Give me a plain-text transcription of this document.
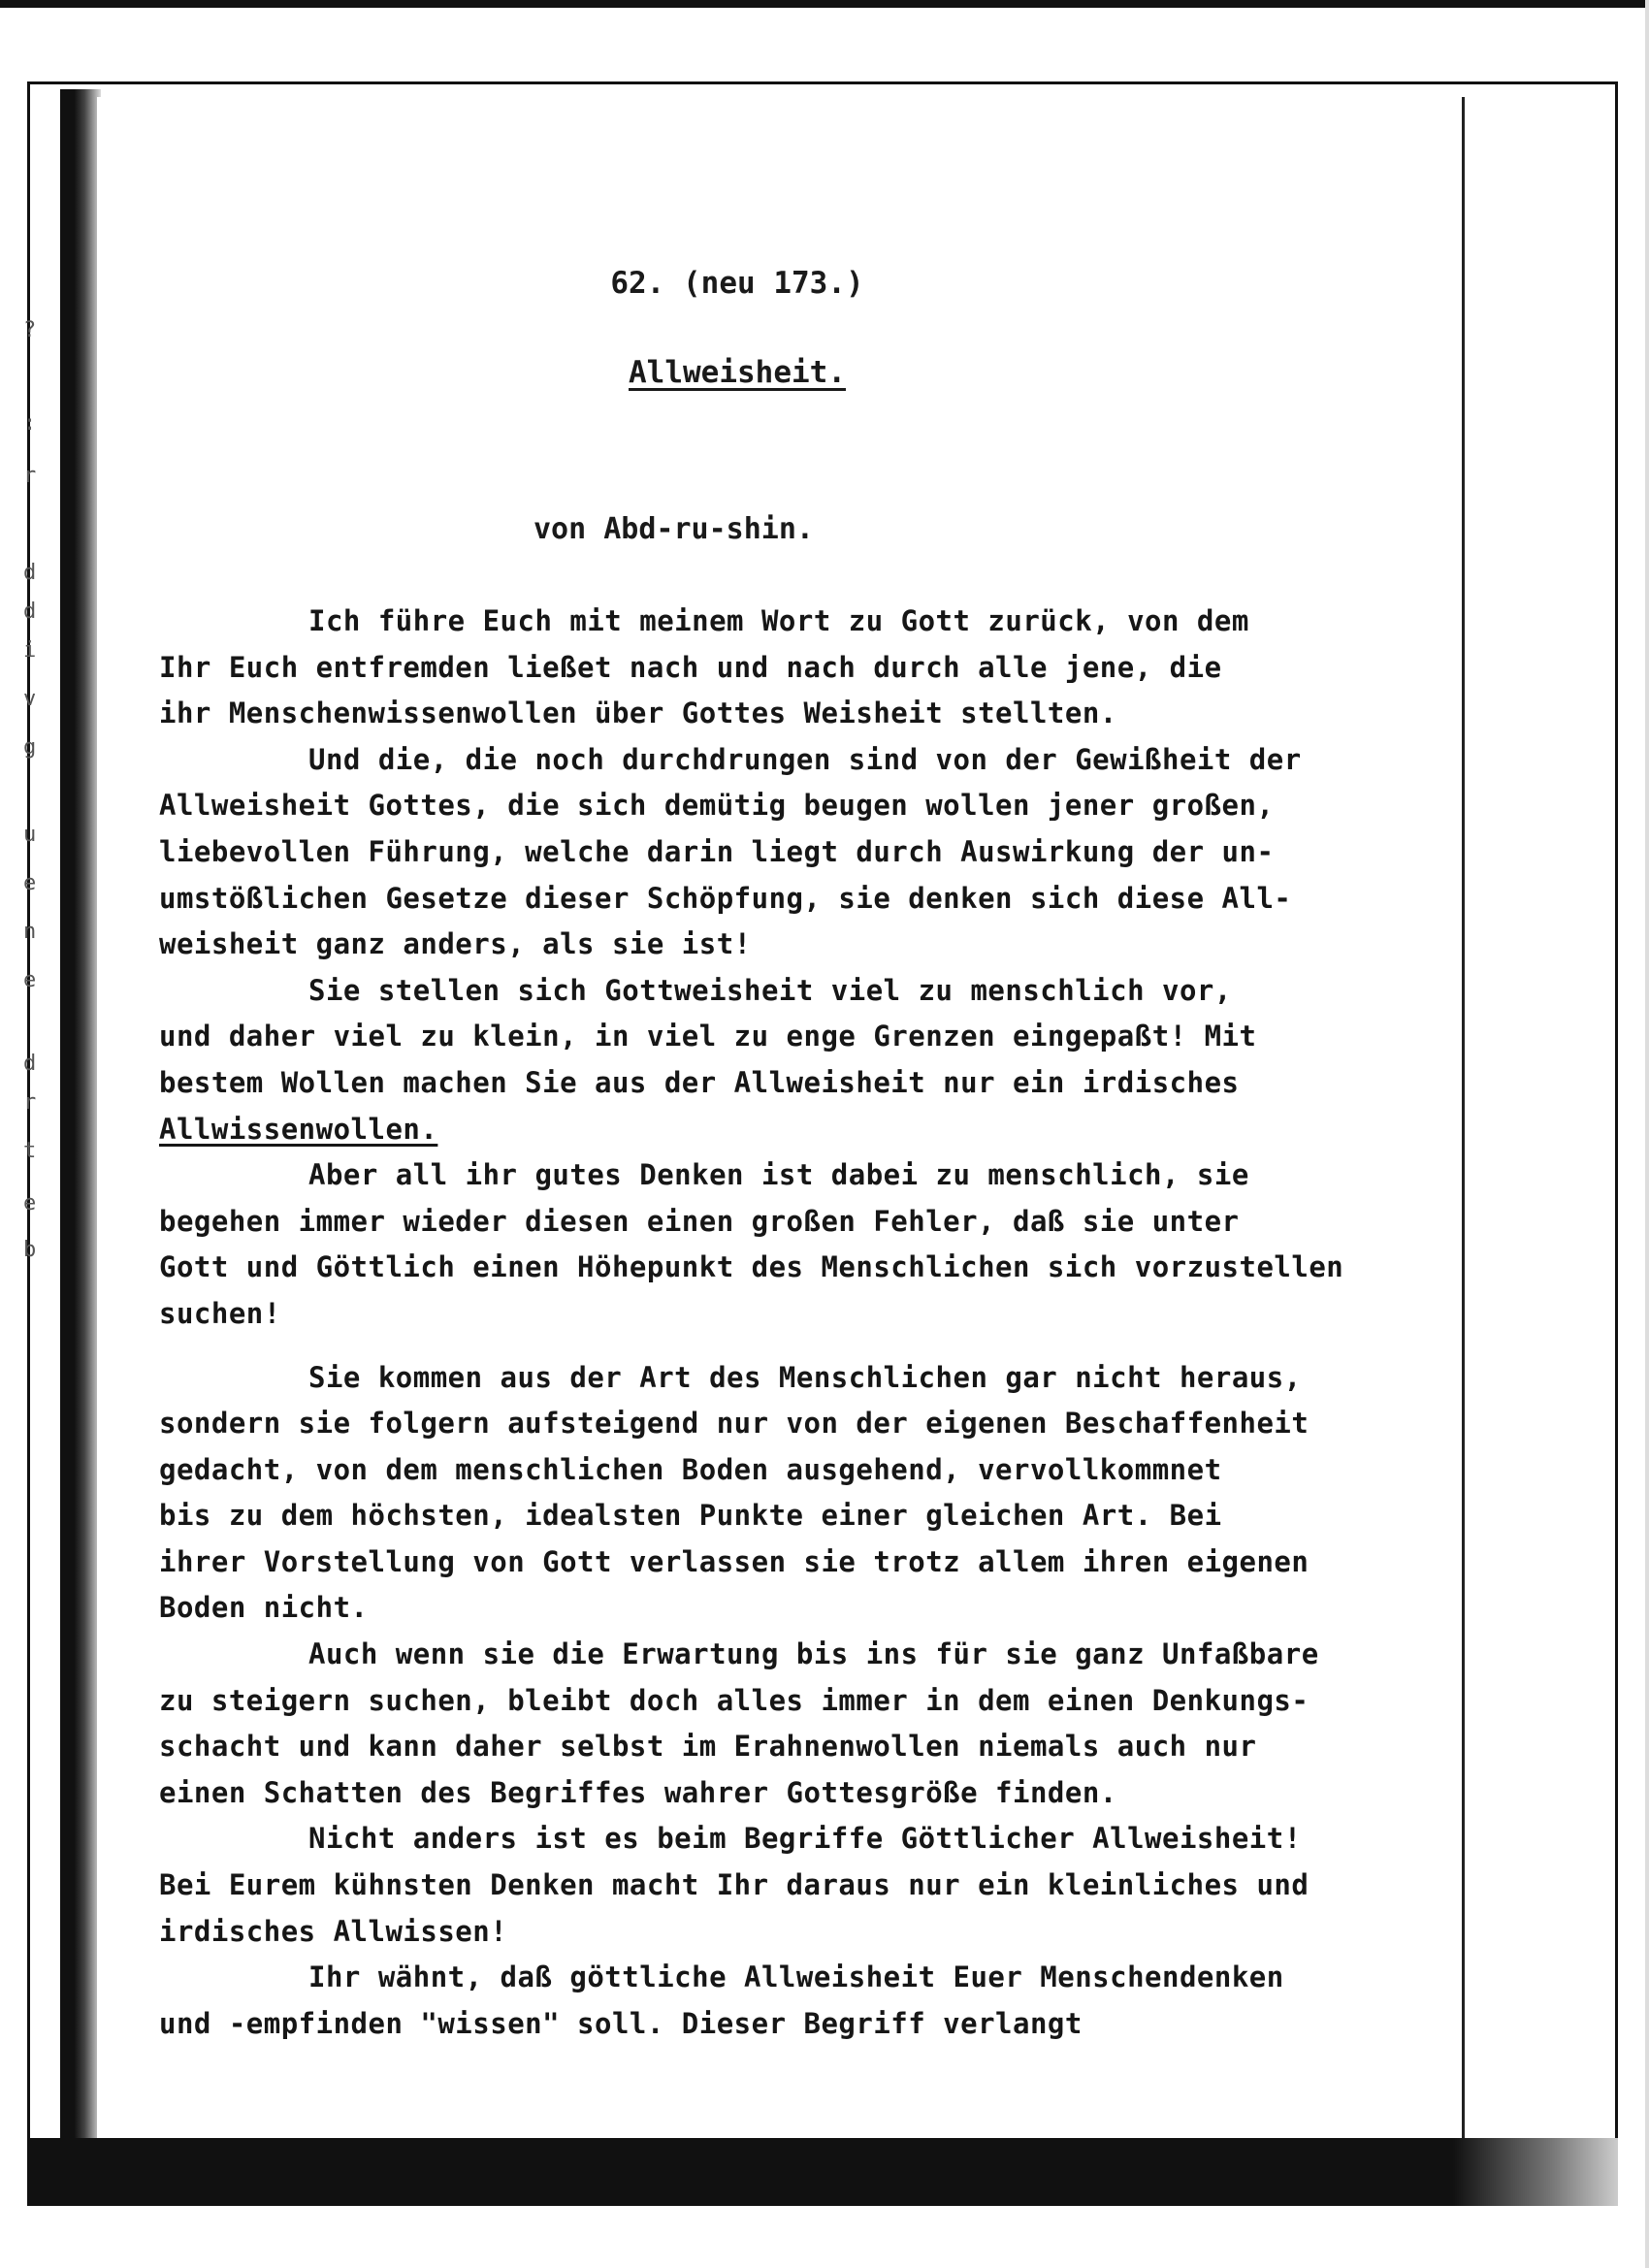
?
:
r
d
d
i
v
g
u
e
n
e
d
r
t
e
b
62. (neu 173.)
Allweisheit.
von Abd-ru-shin.
Ich führe Euch mit meinem Wort zu Gott zurück, von dem
Ihr Euch entfremden ließet nach und nach durch alle jene, die
ihr Menschenwissenwollen über Gottes Weisheit stellten.
Und die, die noch durchdrungen sind von der Gewißheit der
Allweisheit Gottes, die sich demütig beugen wollen jener großen,
liebevollen Führung, welche darin liegt durch Auswirkung der un-
umstößlichen Gesetze dieser Schöpfung, sie denken sich diese All-
weisheit ganz anders, als sie ist!
Sie stellen sich Gottweisheit viel zu menschlich vor,
und daher viel zu klein, in viel zu enge Grenzen eingepaßt! Mit
bestem Wollen machen Sie aus der Allweisheit nur ein irdisches
Allwissenwollen.
Aber all ihr gutes Denken ist dabei zu menschlich, sie
begehen immer wieder diesen einen großen Fehler, daß sie unter
Gott und Göttlich einen Höhepunkt des Menschlichen sich vorzustellen
suchen!
Sie kommen aus der Art des Menschlichen gar nicht heraus,
sondern sie folgern aufsteigend nur von der eigenen Beschaffenheit
gedacht, von dem menschlichen Boden ausgehend, vervollkommnet
bis zu dem höchsten, idealsten Punkte einer gleichen Art. Bei
ihrer Vorstellung von Gott verlassen sie trotz allem ihren eigenen
Boden nicht.
Auch wenn sie die Erwartung bis ins für sie ganz Unfaßbare
zu steigern suchen, bleibt doch alles immer in dem einen Denkungs-
schacht und kann daher selbst im Erahnenwollen niemals auch nur
einen Schatten des Begriffes wahrer Gottesgröße finden.
Nicht anders ist es beim Begriffe Göttlicher Allweisheit!
Bei Eurem kühnsten Denken macht Ihr daraus nur ein kleinliches und
irdisches Allwissen!
Ihr wähnt, daß göttliche Allweisheit Euer Menschendenken
und -empfinden "wissen" soll. Dieser Begriff verlangt
